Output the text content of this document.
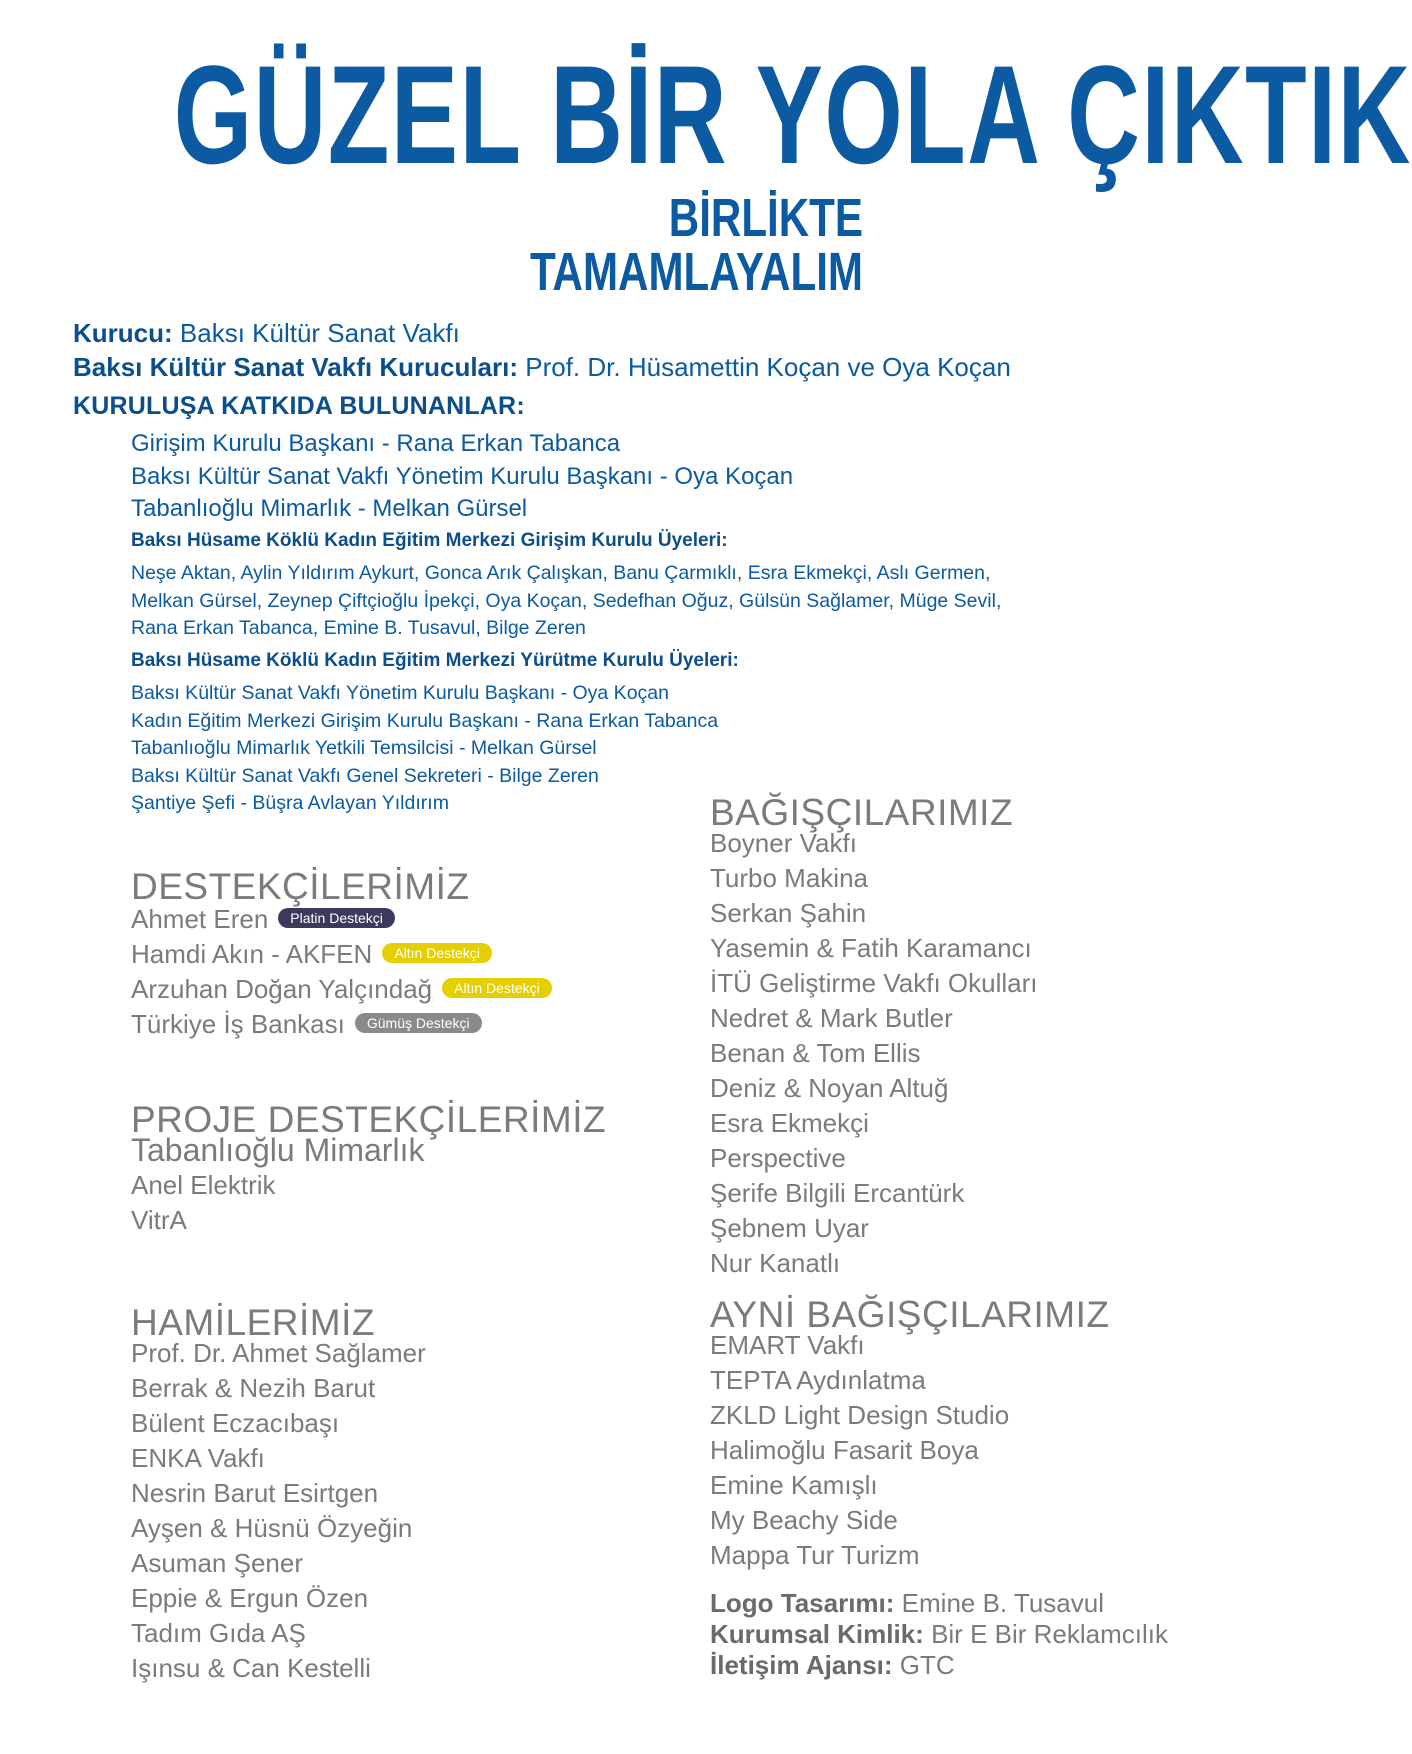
GÜZEL BİR YOLA ÇIKTIK
BİRLİKTE
TAMAMLAYALIM
Kurucu: Baksı Kültür Sanat Vakfı
Baksı Kültür Sanat Vakfı Kurucuları: Prof. Dr. Hüsamettin Koçan ve Oya Koçan
KURULUŞA KATKIDA BULUNANLAR:
Girişim Kurulu Başkanı - Rana Erkan Tabanca
Baksı Kültür Sanat Vakfı Yönetim Kurulu Başkanı - Oya Koçan
Tabanlıoğlu Mimarlık - Melkan Gürsel
Baksı Hüsame Köklü Kadın Eğitim Merkezi Girişim Kurulu Üyeleri:
Neşe Aktan, Aylin Yıldırım Aykurt, Gonca Arık Çalışkan, Banu Çarmıklı, Esra Ekmekçi, Aslı Germen,
Melkan Gürsel, Zeynep Çiftçioğlu İpekçi, Oya Koçan, Sedefhan Oğuz, Gülsün Sağlamer, Müge Sevil,
Rana Erkan Tabanca, Emine B. Tusavul, Bilge Zeren
Baksı Hüsame Köklü Kadın Eğitim Merkezi Yürütme Kurulu Üyeleri:
Baksı Kültür Sanat Vakfı Yönetim Kurulu Başkanı - Oya Koçan
Kadın Eğitim Merkezi Girişim Kurulu Başkanı - Rana Erkan Tabanca
Tabanlıoğlu Mimarlık Yetkili Temsilcisi - Melkan Gürsel
Baksı Kültür Sanat Vakfı Genel Sekreteri - Bilge Zeren
Şantiye Şefi - Büşra Avlayan Yıldırım
DESTEKÇİLERİMİZ
Ahmet Eren Platin Destekçi
Hamdi Akın - AKFEN Altın Destekçi
Arzuhan Doğan Yalçındağ Altın Destekçi
Türkiye İş Bankası Gümüş Destekçi
PROJE DESTEKÇİLERİMİZ
Tabanlıoğlu Mimarlık
Anel Elektrik
VitrA
HAMİLERİMİZ
Prof. Dr. Ahmet Sağlamer
Berrak & Nezih Barut
Bülent Eczacıbaşı
ENKA Vakfı
Nesrin Barut Esirtgen
Ayşen & Hüsnü Özyeğin
Asuman Şener
Eppie & Ergun Özen
Tadım Gıda AŞ
Işınsu & Can Kestelli
BAĞIŞÇILARIMIZ
Boyner Vakfı
Turbo Makina
Serkan Şahin
Yasemin & Fatih Karamancı
İTÜ Geliştirme Vakfı Okulları
Nedret & Mark Butler
Benan & Tom Ellis
Deniz & Noyan Altuğ
Esra Ekmekçi
Perspective
Şerife Bilgili Ercantürk
Şebnem Uyar
Nur Kanatlı
AYNİ BAĞIŞÇILARIMIZ
EMART Vakfı
TEPTA Aydınlatma
ZKLD Light Design Studio
Halimoğlu Fasarit Boya
Emine Kamışlı
My Beachy Side
Mappa Tur Turizm
Logo Tasarımı: Emine B. Tusavul
Kurumsal Kimlik: Bir E Bir Reklamcılık
İletişim Ajansı: GTC
